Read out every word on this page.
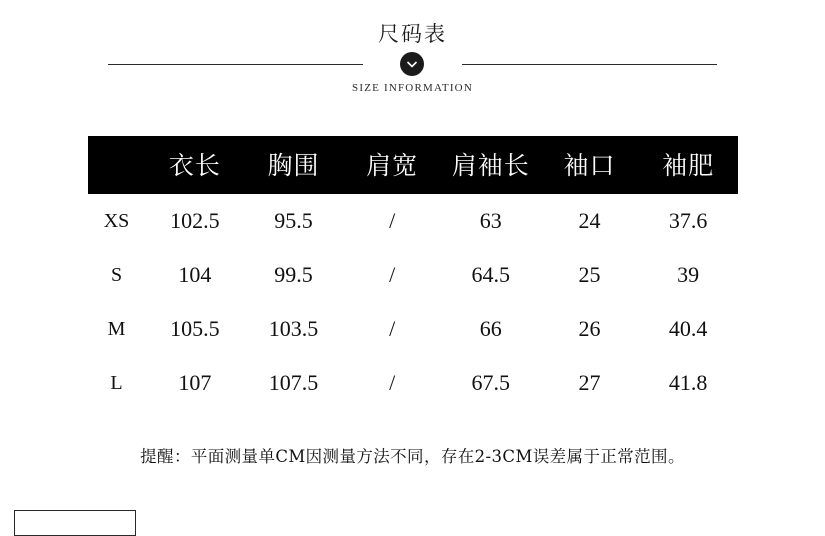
尺码表
SIZE INFORMATION
	衣长	胸围	肩宽	肩袖长	袖口	袖肥
XS	102.5	95.5	/	63	24	37.6
S	104	99.5	/	64.5	25	39
M	105.5	103.5	/	66	26	40.4
L	107	107.5	/	67.5	27	41.8
提醒：平面测量单CM因测量方法不同，存在2-3CM误差属于正常范围。
